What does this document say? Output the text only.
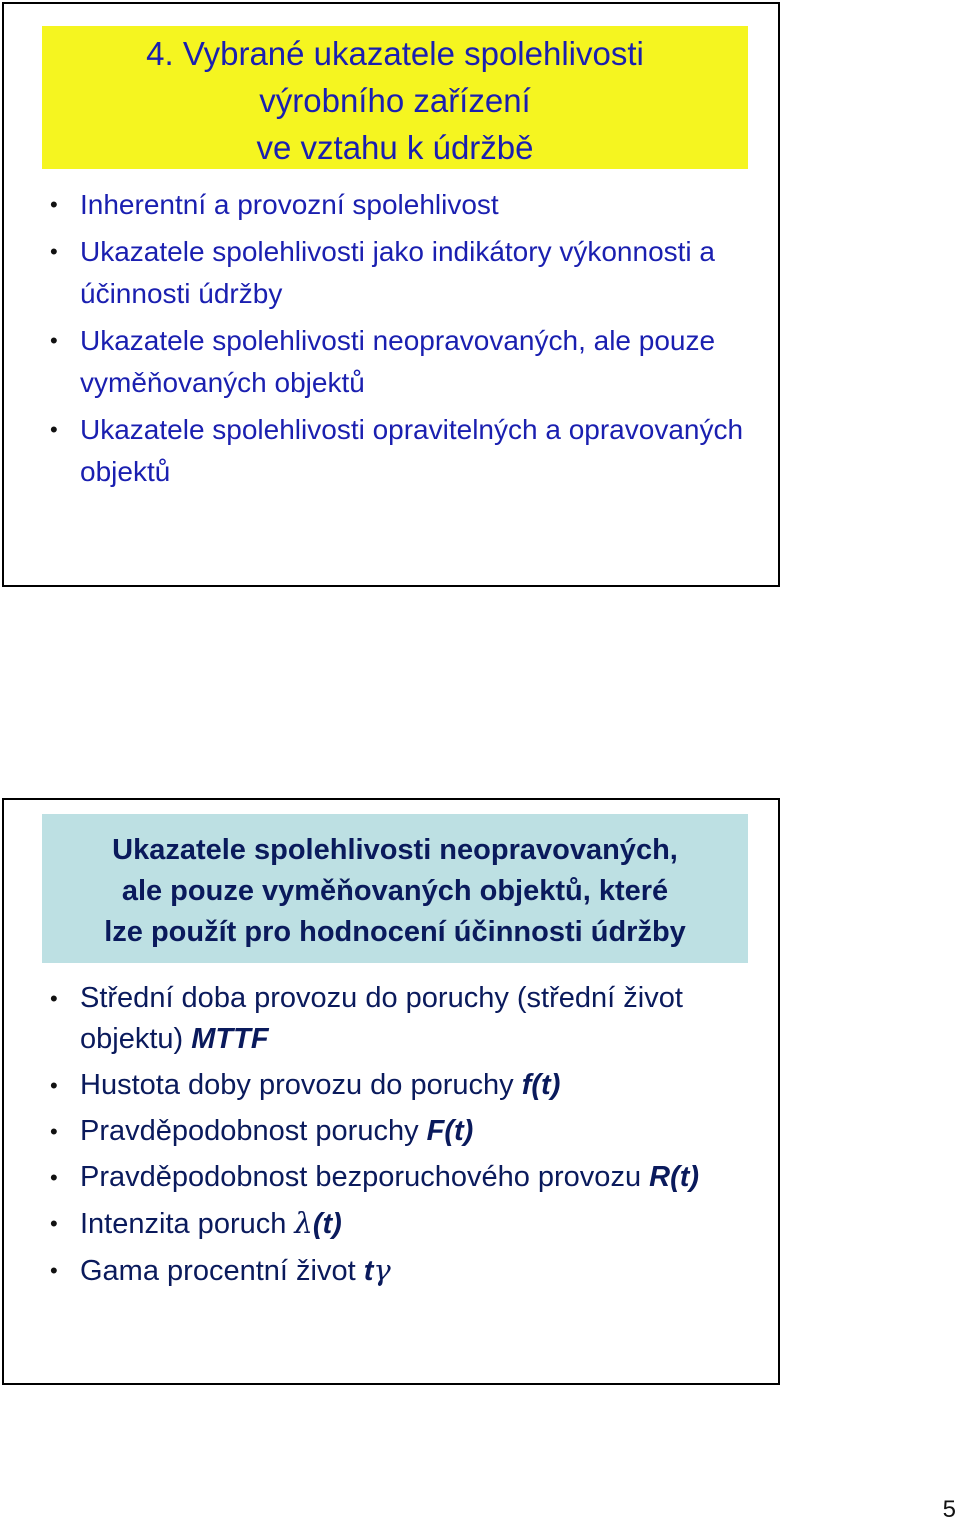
4. Vybrané ukazatele spolehlivosti
výrobního zařízení
ve vztahu k údržbě
• Inherentní a provozní spolehlivost
• Ukazatele spolehlivosti jako indikátory výkonnosti a účinnosti údržby
• Ukazatele spolehlivosti neopravovaných, ale pouze vyměňovaných objektů
• Ukazatele spolehlivosti opravitelných a opravovaných objektů
Ukazatele spolehlivosti neopravovaných,
ale pouze vyměňovaných objektů, které
lze použít pro hodnocení účinnosti údržby
• Střední doba provozu do poruchy (střední život objektu) MTTF
• Hustota doby provozu do poruchy f(t)
• Pravděpodobnost poruchy F(t)
• Pravděpodobnost bezporuchového provozu R(t)
• Intenzita poruch λ(t)
• Gama procentní život tγ
5
